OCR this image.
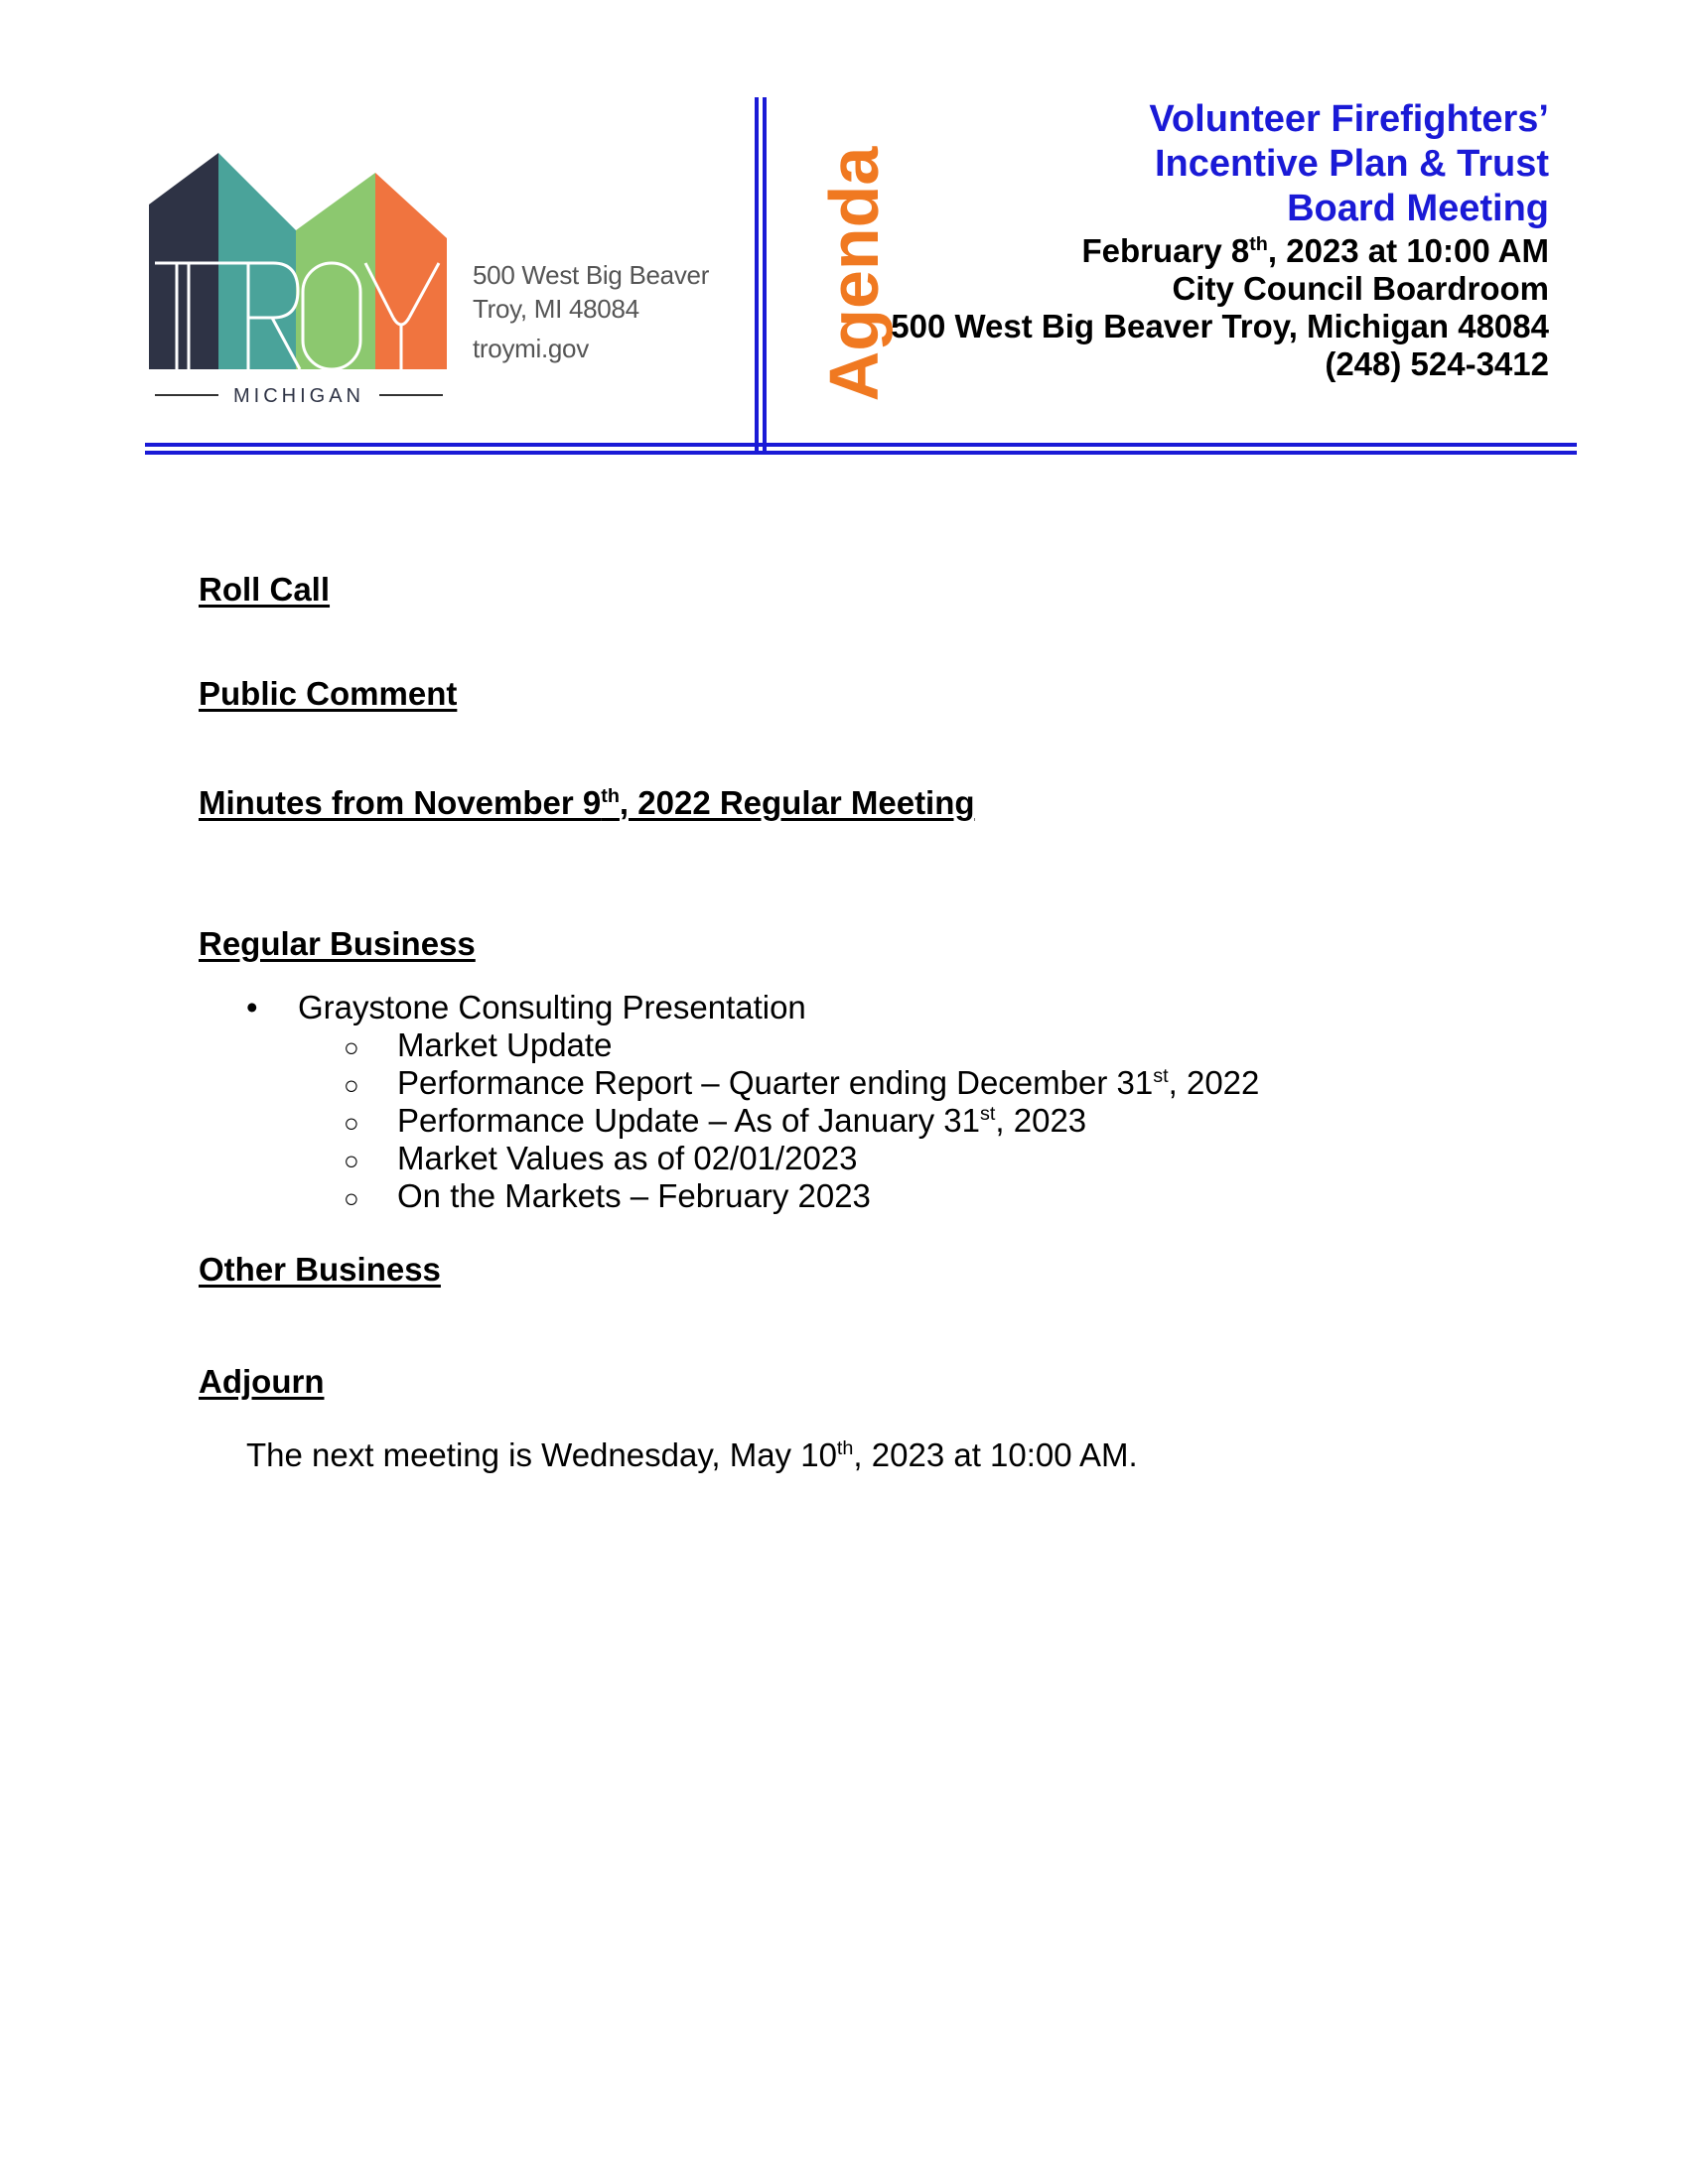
MICHIGAN
500 West Big Beaver
Troy, MI 48084
troymi.gov	Agenda
Volunteer Firefighters’
Incentive Plan & Trust
Board Meeting
February 8th, 2023 at 10:00 AM
City Council Boardroom
500 West Big Beaver Troy, Michigan 48084
(248) 524-3412
Roll Call
Public Comment
Minutes from November 9th, 2022 Regular Meeting
Regular Business
• Graystone Consulting Presentation
○ Market Update
○ Performance Report – Quarter ending December 31st, 2022
○ Performance Update – As of January 31st, 2023
○ Market Values as of 02/01/2023
○ On the Markets – February 2023
Other Business
Adjourn
The next meeting is Wednesday, May 10th, 2023 at 10:00 AM.
